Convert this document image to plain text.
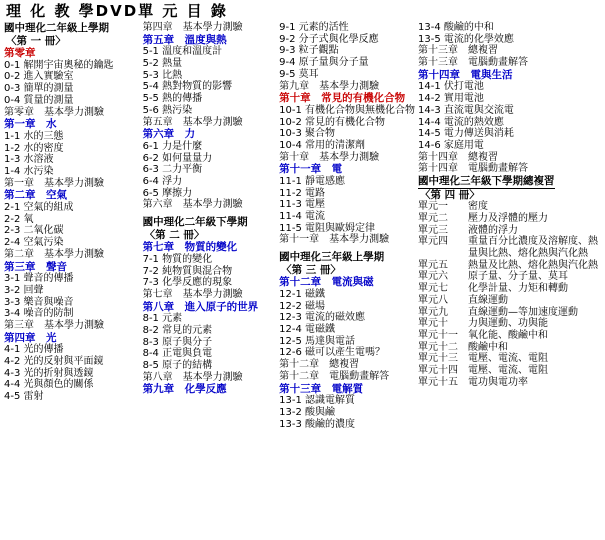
理 化 教 學DVD單 元 目 錄
國中理化二年級上學期
〈第 一 冊〉
第零章
0-1 解開宇宙奧秘的鑰匙
0-2 進入實驗室
0-3 簡單的測量
0-4 質量的測量
第零章　基本學力測驗
第一章　水
1-1 水的三態
1-2 水的密度
1-3 水溶液
1-4 水污染
第一章　基本學力測驗
第二章　空氣
2-1 空氣的組成
2-2 氧
2-3 二氧化碳
2-4 空氣污染
第二章　基本學力測驗
第三章　聲音
3-1 聲音的傳播
3-2 回聲
3-3 樂音與噪音
3-4 噪音的防制
第三章　基本學力測驗
第四章　光
4-1 光的傳播
4-2 光的反射與平面鏡
4-3 光的折射與透鏡
4-4 光與顏色的關係
4-5 雷射
第四章　基本學力測驗
第五章　溫度與熱
5-1 溫度和溫度計
5-2 熱量
5-3 比熱
5-4 熱對物質的影響
5-5 熱的傳播
5-6 熱污染
第五章　基本學力測驗
第六章　力
6-1 力是什麼
6-2 如何量量力
6-3 二力平衡
6-4 浮力
6-5 摩擦力
第六章　基本學力測驗
國中理化二年級下學期
〈第 二 冊〉
第七章　物質的變化
7-1 物質的變化
7-2 純物質與混合物
7-3 化學反應的現象
第七章　基本學力測驗
第八章　進入原子的世界
8-1 元素
8-2 常見的元素
8-3 原子與分子
8-4 正電與負電
8-5 原子的結構
第八章　基本學力測驗
第九章　化學反應
9-1 元素的活性
9-2 分子式與化學反應
9-3 粒子觀點
9-4 原子量與分子量
9-5 莫耳
第九章　基本學力測驗
第十章　常見的有機化合物
10-1 有機化合物與無機化合物
10-2 常見的有機化合物
10-3 聚合物
10-4 常用的清潔劑
第十章　基本學力測驗
第十一章　電
11-1 靜電感應
11-2 電路
11-3 電壓
11-4 電流
11-5 電阻與歐姆定律
第十一章　基本學力測驗
國中理化三年級上學期
〈第 三 冊〉
第十二章　電流與磁
12-1 磁鐵
12-2 磁場
12-3 電流的磁效應
12-4 電磁鐵
12-5 馬達與電話
12-6 磁可以產生電嗎？
第十二章　總複習
第十二章　電腦動畫解答
第十三章　電解質
13-1 認識電解質
13-2 酸與鹼
13-3 酸鹼的濃度
13-4 酸鹼的中和
13-5 電流的化學效應
第十三章　總複習
第十三章　電腦動畫解答
第十四章　電與生活
14-1 伏打電池
14-2 實用電池
14-3 直流電與交流電
14-4 電流的熱效應
14-5 電力傳送與消耗
14-6 家庭用電
第十四章　總複習
第十四章　電腦動畫解答
國中理化三年級下學期總複習
〈第 四 冊〉
單元一　　密度
單元二　　壓力及浮體的壓力
單元三　　液體的浮力
單元四　　重量百分比濃度及溶解度、熱
　　　　　量與比熱、熔化熱與汽化熱
單元五　　熱量及比熱、熔化熱與汽化熱
單元六　　原子量、分子量、莫耳
單元七　　化學計量、力矩和轉動
單元八　　直線運動
單元九　　直線運動—等加速度運動
單元十　　力與運動、功與能
單元十一　氧化能、酸鹼中和
單元十二　酸鹼中和
單元十三　電壓、電流、電阻
單元十四　電壓、電流、電阻
單元十五　電功與電功率
